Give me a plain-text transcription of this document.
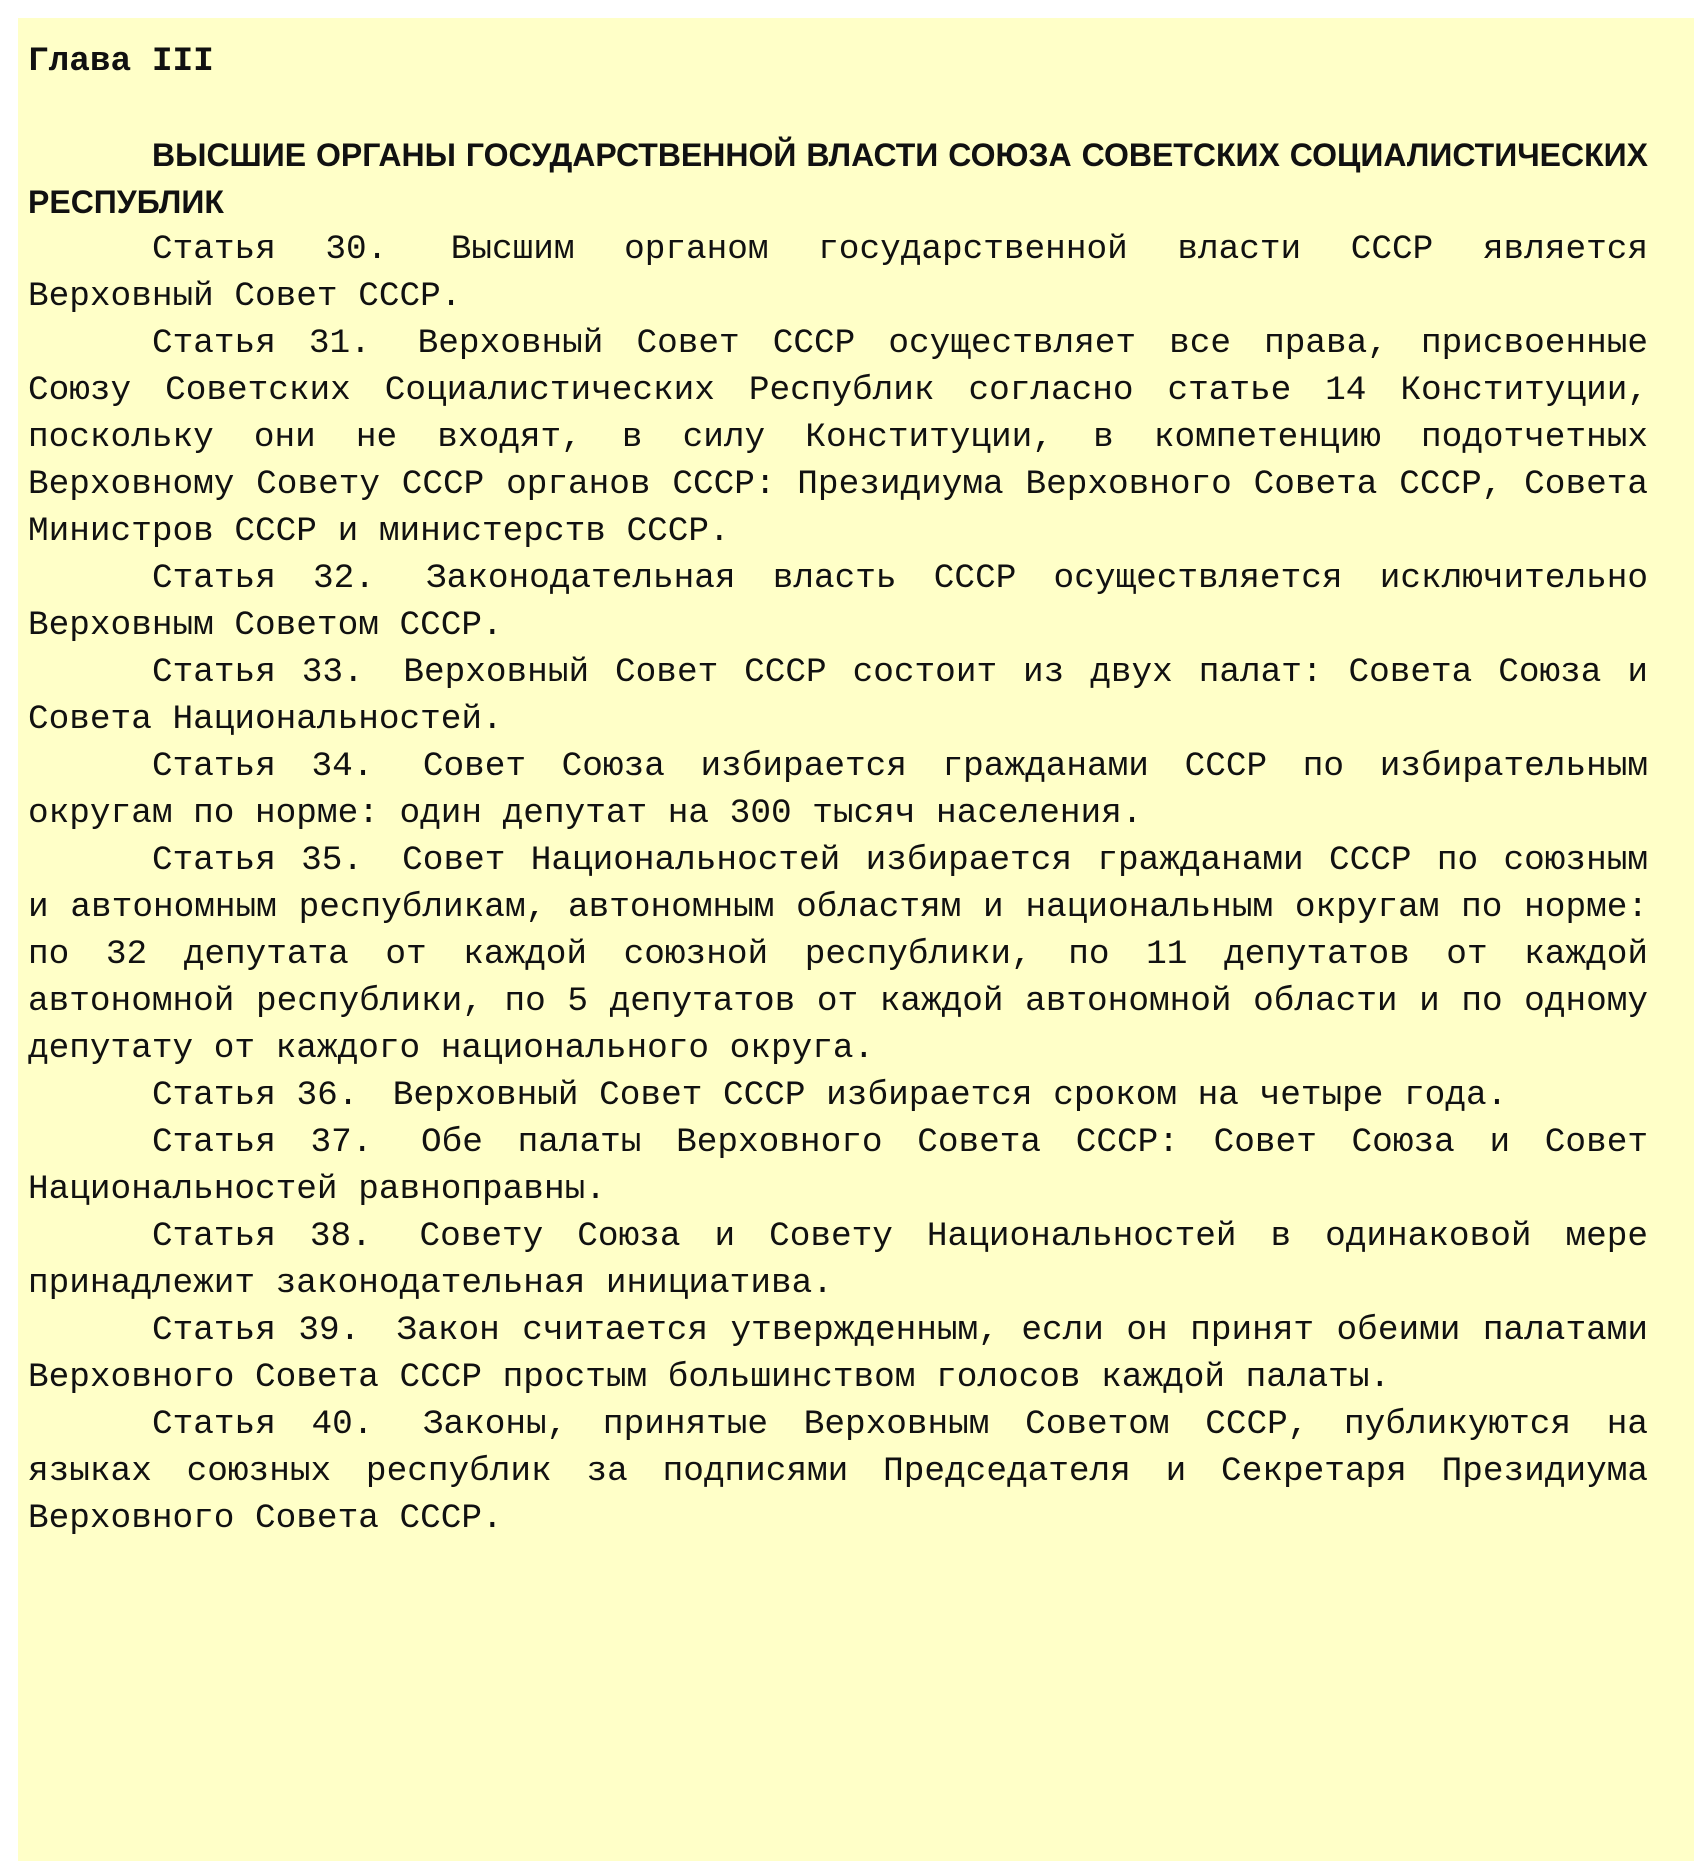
Глава III

ВЫСШИЕ ОРГАНЫ ГОСУДАРСТВЕННОЙ ВЛАСТИ СОЮЗА СОВЕТСКИХ СОЦИАЛИСТИЧЕСКИХ РЕСПУБЛИК

Статья 30. Высшим органом государственной власти СССР является Верховный Совет СССР.

Статья 31. Верховный Совет СССР осуществляет все права, присвоенные Союзу Советских Социалистических Республик согласно статье 14 Конституции, поскольку они не входят, в силу Конституции, в компетенцию подотчетных Верховному Совету СССР органов СССР: Президиума Верховного Совета СССР, Совета Министров СССР и министерств СССР.

Статья 32. Законодательная власть СССР осуществляется исключительно Верховным Советом СССР.

Статья 33. Верховный Совет СССР состоит из двух палат: Совета Союза и Совета Национальностей.

Статья 34. Совет Союза избирается гражданами СССР по избирательным округам по норме: один депутат на 300 тысяч населения.

Статья 35. Совет Национальностей избирается гражданами СССР по союзным и автономным республикам, автономным областям и национальным округам по норме: по 32 депутата от каждой союзной республики, по 11 депутатов от каждой автономной республики, по 5 депутатов от каждой автономной области и по одному депутату от каждого национального округа.

Статья 36. Верховный Совет СССР избирается сроком на четыре года.

Статья 37. Обе палаты Верховного Совета СССР: Совет Союза и Совет Национальностей равноправны.

Статья 38. Совету Союза и Совету Национальностей в одинаковой мере принадлежит законодательная инициатива.

Статья 39. Закон считается утвержденным, если он принят обеими палатами Верховного Совета СССР простым большинством голосов каждой палаты.

Статья 40. Законы, принятые Верховным Советом СССР, публикуются на языках союзных республик за подписями Председателя и Секретаря Президиума Верховного Совета СССР.
